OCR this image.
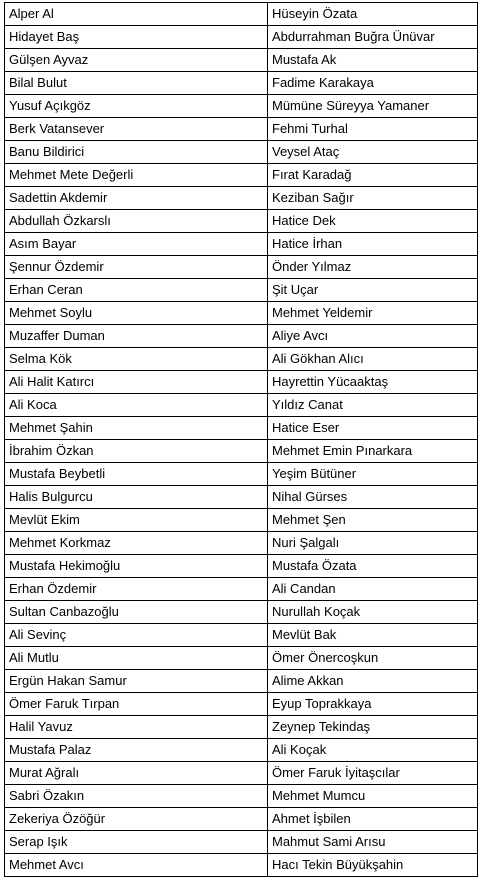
Alper Al	Hüseyin Özata
Hidayet Baş	Abdurrahman Buğra Ünüvar
Gülşen Ayvaz	Mustafa Ak
Bilal Bulut	Fadime Karakaya
Yusuf Açıkgöz	Mümüne Süreyya Yamaner
Berk Vatansever	Fehmi Turhal
Banu Bildirici	Veysel Ataç
Mehmet Mete Değerli	Fırat Karadağ
Sadettin Akdemir	Keziban Sağır
Abdullah Özkarslı	Hatice Dek
Asım Bayar	Hatice İrhan
Şennur Özdemir	Önder Yılmaz
Erhan Ceran	Şit Uçar
Mehmet Soylu	Mehmet Yeldemir
Muzaffer Duman	Aliye Avcı
Selma Kök	Ali Gökhan Alıcı
Ali Halit Katırcı	Hayrettin Yücaaktaş
Ali Koca	Yıldız Canat
Mehmet Şahin	Hatice Eser
İbrahim Özkan	Mehmet Emin Pınarkara
Mustafa Beybetli	Yeşim Bütüner
Halis Bulgurcu	Nihal Gürses
Mevlüt Ekim	Mehmet Şen
Mehmet Korkmaz	Nuri Şalgalı
Mustafa Hekimoğlu	Mustafa Özata
Erhan Özdemir	Ali Candan
Sultan Canbazoğlu	Nurullah Koçak
Ali Sevinç	Mevlüt Bak
Ali Mutlu	Ömer Önercoşkun
Ergün Hakan Samur	Alime Akkan
Ömer Faruk Tırpan	Eyup Toprakkaya
Halil Yavuz	Zeynep Tekindaş
Mustafa Palaz	Ali Koçak
Murat Ağralı	Ömer Faruk İyitaşcılar
Sabri Özakın	Mehmet Mumcu
Zekeriya Özöğür	Ahmet İşbilen
Serap Işık	Mahmut Sami Arısu
Mehmet Avcı	Hacı Tekin Büyükşahin
